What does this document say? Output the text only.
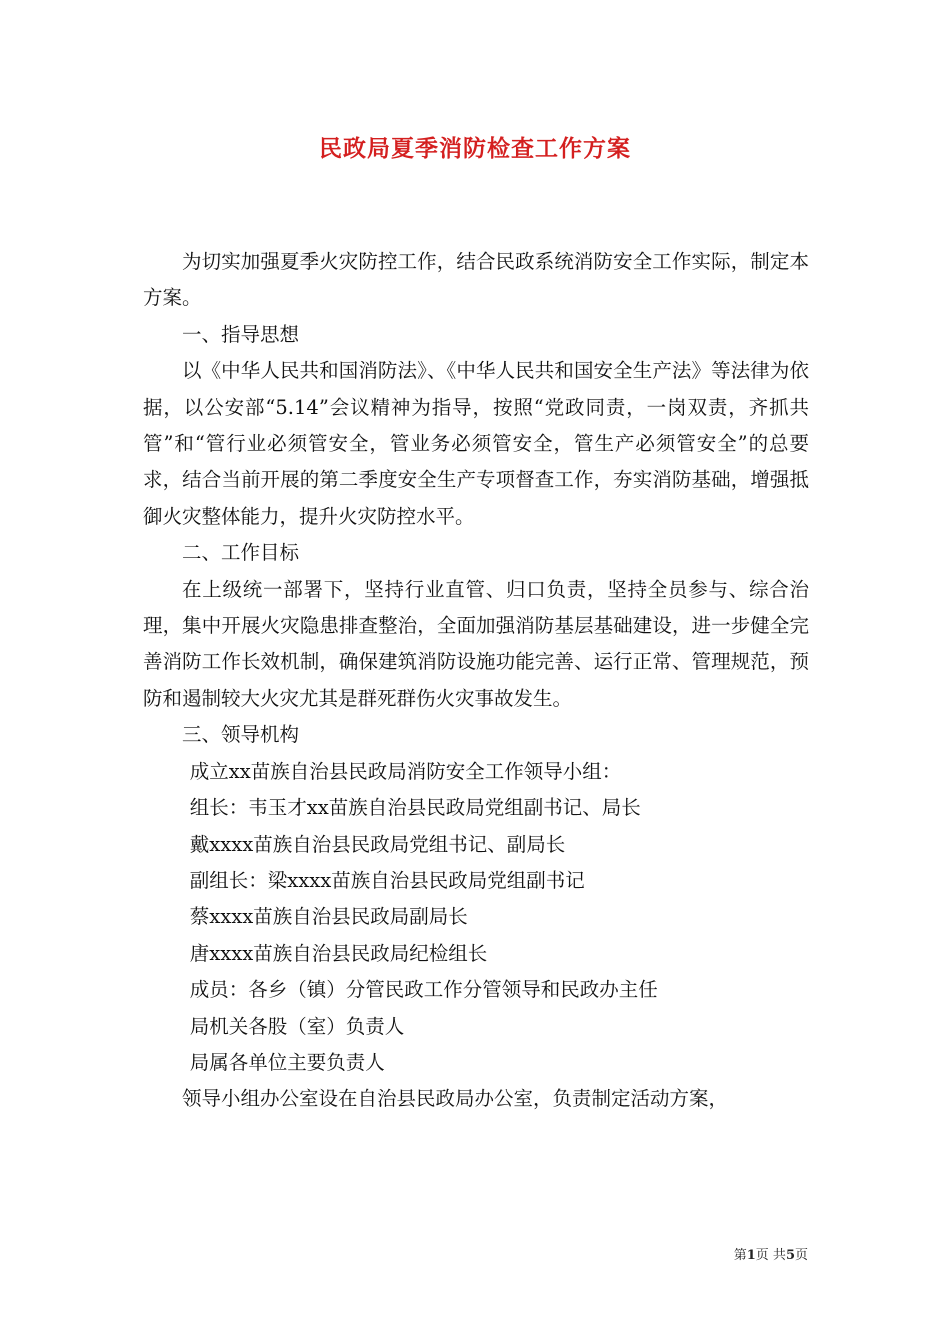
民政局夏季消防检查工作方案

为切实加强夏季火灾防控工作，结合民政系统消防安全工作实际，制定本方案。

一、指导思想

以《中华人民共和国消防法》、《中华人民共和国安全生产法》等法律为依据，以公安部“5.14”会议精神为指导，按照“党政同责，一岗双责，齐抓共管”和“管行业必须管安全，管业务必须管安全，管生产必须管安全”的总要求，结合当前开展的第二季度安全生产专项督查工作，夯实消防基础，增强抵御火灾整体能力，提升火灾防控水平。

二、工作目标

在上级统一部署下，坚持行业直管、归口负责，坚持全员参与、综合治理，集中开展火灾隐患排查整治，全面加强消防基层基础建设，进一步健全完善消防工作长效机制，确保建筑消防设施功能完善、运行正常、管理规范，预防和遏制较大火灾尤其是群死群伤火灾事故发生。

三、领导机构

成立xx苗族自治县民政局消防安全工作领导小组：

组长：韦玉才xx苗族自治县民政局党组副书记、局长

戴xxxx苗族自治县民政局党组书记、副局长

副组长：梁xxxx苗族自治县民政局党组副书记

蔡xxxx苗族自治县民政局副局长

唐xxxx苗族自治县民政局纪检组长

成员：各乡（镇）分管民政工作分管领导和民政办主任

局机关各股（室）负责人

局属各单位主要负责人

领导小组办公室设在自治县民政局办公室，负责制定活动方案，

第1页 共5页
